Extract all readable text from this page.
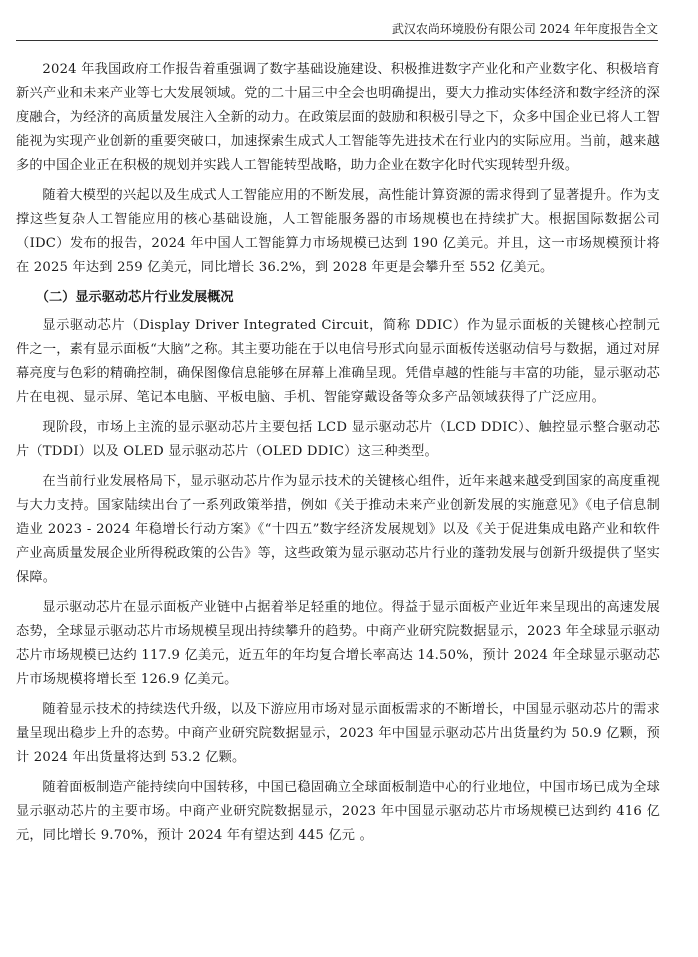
武汉农尚环境股份有限公司 2024 年年度报告全文

2024 年我国政府工作报告着重强调了数字基础设施建设、积极推进数字产业化和产业数字化、积极培育新兴产业和未来产业等七大发展领域。党的二十届三中全会也明确提出，要大力推动实体经济和数字经济的深度融合，为经济的高质量发展注入全新的动力。在政策层面的鼓励和积极引导之下，众多中国企业已将人工智能视为实现产业创新的重要突破口，加速探索生成式人工智能等先进技术在行业内的实际应用。当前，越来越多的中国企业正在积极的规划并实践人工智能转型战略，助力企业在数字化时代实现转型升级。

随着大模型的兴起以及生成式人工智能应用的不断发展，高性能计算资源的需求得到了显著提升。作为支撑这些复杂人工智能应用的核心基础设施，人工智能服务器的市场规模也在持续扩大。根据国际数据公司（IDC）发布的报告，2024 年中国人工智能算力市场规模已达到 190 亿美元。并且，这一市场规模预计将在 2025 年达到 259 亿美元，同比增长 36.2%，到 2028 年更是会攀升至 552 亿美元。

（二）显示驱动芯片行业发展概况

显示驱动芯片（Display Driver Integrated Circuit，简称 DDIC）作为显示面板的关键核心控制元件之一，素有显示面板“大脑”之称。其主要功能在于以电信号形式向显示面板传送驱动信号与数据，通过对屏幕亮度与色彩的精确控制，确保图像信息能够在屏幕上准确呈现。凭借卓越的性能与丰富的功能，显示驱动芯片在电视、显示屏、笔记本电脑、平板电脑、手机、智能穿戴设备等众多产品领域获得了广泛应用。

现阶段，市场上主流的显示驱动芯片主要包括 LCD 显示驱动芯片（LCD DDIC）、触控显示整合驱动芯片（TDDI）以及 OLED 显示驱动芯片（OLED DDIC）这三种类型。

在当前行业发展格局下，显示驱动芯片作为显示技术的关键核心组件，近年来越来越受到国家的高度重视与大力支持。国家陆续出台了一系列政策举措，例如《关于推动未来产业创新发展的实施意见》《电子信息制造业 2023 - 2024 年稳增长行动方案》《“十四五”数字经济发展规划》以及《关于促进集成电路产业和软件产业高质量发展企业所得税政策的公告》等，这些政策为显示驱动芯片行业的蓬勃发展与创新升级提供了坚实保障。

显示驱动芯片在显示面板产业链中占据着举足轻重的地位。得益于显示面板产业近年来呈现出的高速发展态势，全球显示驱动芯片市场规模呈现出持续攀升的趋势。中商产业研究院数据显示，2023 年全球显示驱动芯片市场规模已达约 117.9 亿美元，近五年的年均复合增长率高达 14.50%，预计 2024 年全球显示驱动芯片市场规模将增长至 126.9 亿美元。

随着显示技术的持续迭代升级，以及下游应用市场对显示面板需求的不断增长，中国显示驱动芯片的需求量呈现出稳步上升的态势。中商产业研究院数据显示，2023 年中国显示驱动芯片出货量约为 50.9 亿颗，预计 2024 年出货量将达到 53.2 亿颗。

随着面板制造产能持续向中国转移，中国已稳固确立全球面板制造中心的行业地位，中国市场已成为全球显示驱动芯片的主要市场。中商产业研究院数据显示，2023 年中国显示驱动芯片市场规模已达到约 416 亿元，同比增长 9.70%，预计 2024 年有望达到 445 亿元 。
